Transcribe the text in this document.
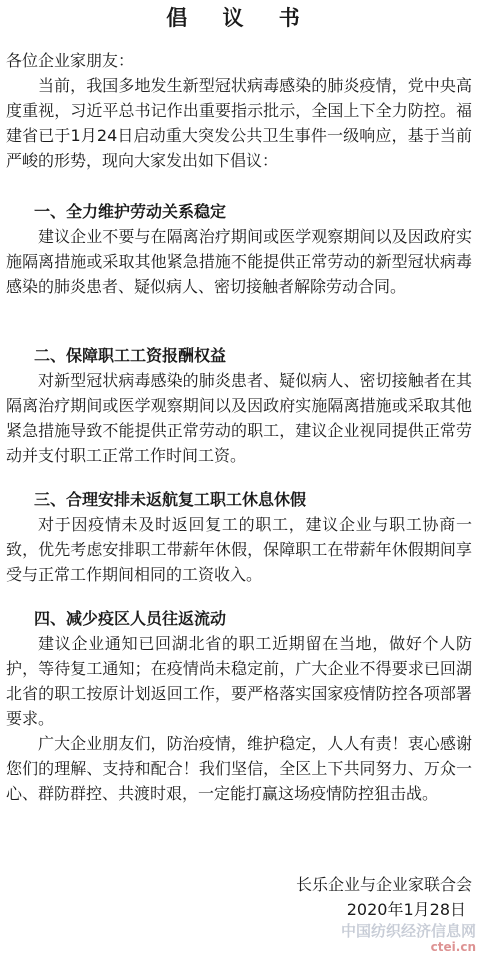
倡 议 书
各位企业家朋友：
当前，我国多地发生新型冠状病毒感染的肺炎疫情，党中央高度重视，习近平总书记作出重要指示批示，全国上下全力防控。福建省已于1月24日启动重大突发公共卫生事件一级响应，基于当前严峻的形势，现向大家发出如下倡议：
一、全力维护劳动关系稳定
建议企业不要与在隔离治疗期间或医学观察期间以及因政府实施隔离措施或采取其他紧急措施不能提供正常劳动的新型冠状病毒感染的肺炎患者、疑似病人、密切接触者解除劳动合同。
二、保障职工工资报酬权益
对新型冠状病毒感染的肺炎患者、疑似病人、密切接触者在其隔离治疗期间或医学观察期间以及因政府实施隔离措施或采取其他紧急措施导致不能提供正常劳动的职工，建议企业视同提供正常劳动并支付职工正常工作时间工资。
三、合理安排未返航复工职工休息休假
对于因疫情未及时返回复工的职工，建议企业与职工协商一致，优先考虑安排职工带薪年休假，保障职工在带薪年休假期间享受与正常工作期间相同的工资收入。
四、减少疫区人员往返流动
建议企业通知已回湖北省的职工近期留在当地，做好个人防护，等待复工通知；在疫情尚未稳定前，广大企业不得要求已回湖北省的职工按原计划返回工作，要严格落实国家疫情防控各项部署要求。
广大企业朋友们，防治疫情，维护稳定，人人有责！衷心感谢您们的理解、支持和配合！我们坚信，全区上下共同努力、万众一心、群防群控、共渡时艰，一定能打赢这场疫情防控狙击战。
长乐企业与企业家联合会
2020年1月28日
中国纺织经济信息网
ctei.cn
